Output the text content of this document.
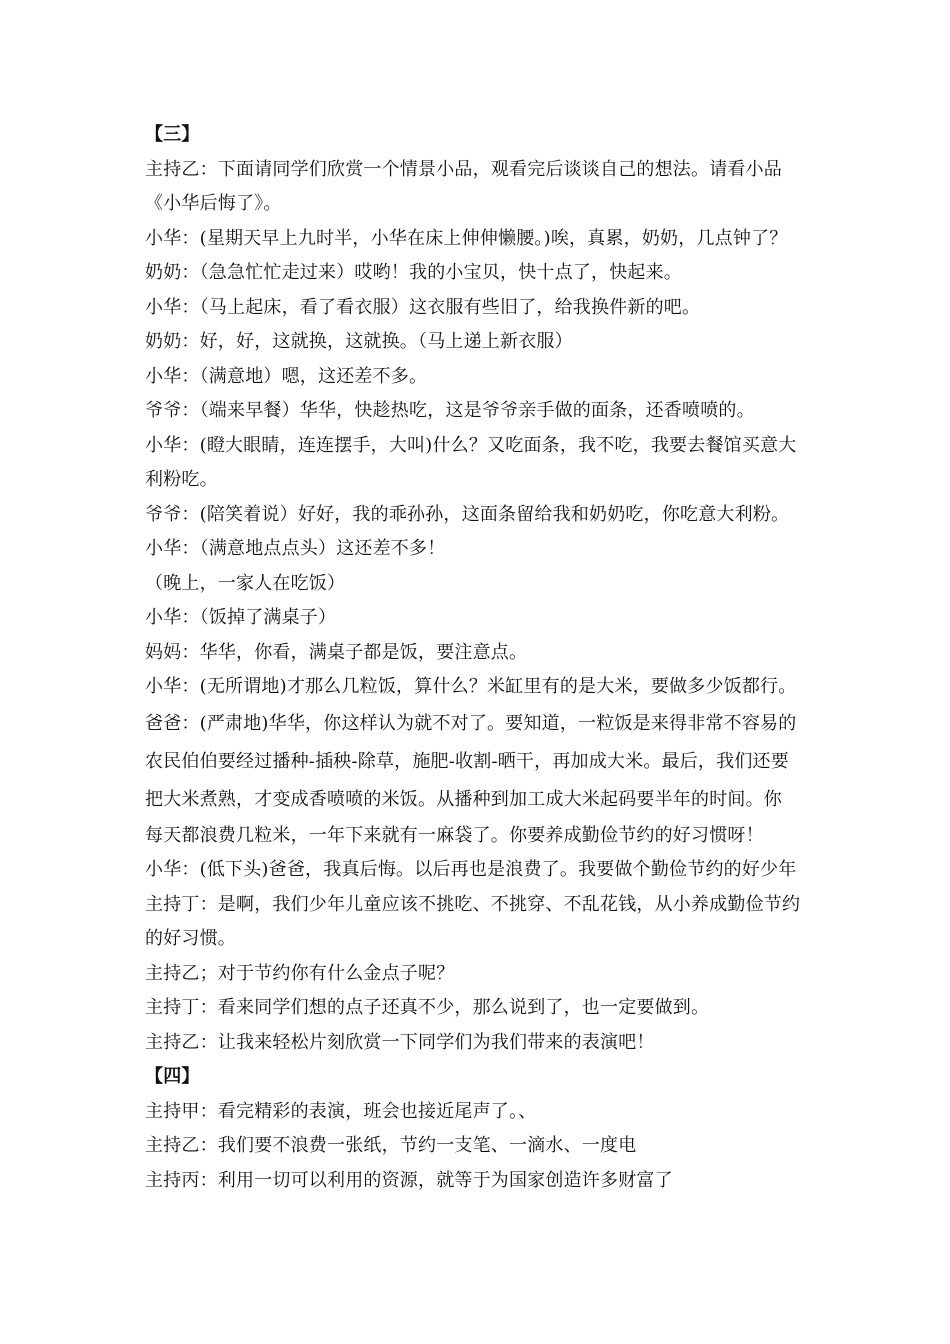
【三】
主持乙：下面请同学们欣赏一个情景小品，观看完后谈谈自己的想法。请看小品
《小华后悔了》。
小华：(星期天早上九时半，小华在床上伸伸懒腰。)唉，真累，奶奶，几点钟了？
奶奶：（急急忙忙走过来）哎哟！我的小宝贝，快十点了，快起来。
小华：（马上起床，看了看衣服）这衣服有些旧了，给我换件新的吧。
奶奶：好，好，这就换，这就换。（马上递上新衣服）
小华：（满意地）嗯，这还差不多。
爷爷：（端来早餐）华华，快趁热吃，这是爷爷亲手做的面条，还香喷喷的。
小华：(瞪大眼睛，连连摆手，大叫)什么？又吃面条，我不吃，我要去餐馆买意大
利粉吃。
爷爷：(陪笑着说）好好，我的乖孙孙，这面条留给我和奶奶吃，你吃意大利粉。
小华：（满意地点点头）这还差不多！
（晚上，一家人在吃饭）
小华：（饭掉了满桌子）
妈妈：华华，你看，满桌子都是饭，要注意点。
小华：(无所谓地)才那么几粒饭，算什么？米缸里有的是大米，要做多少饭都行。
爸爸：(严肃地)华华，你这样认为就不对了。要知道，一粒饭是来得非常不容易的
农民伯伯要经过播种-插秧-除草，施肥-收割-晒干，再加成大米。最后，我们还要
把大米煮熟，才变成香喷喷的米饭。从播种到加工成大米起码要半年的时间。你
每天都浪费几粒米，一年下来就有一麻袋了。你要养成勤俭节约的好习惯呀！
小华：(低下头)爸爸，我真后悔。以后再也是浪费了。我要做个勤俭节约的好少年
主持丁：是啊，我们少年儿童应该不挑吃、不挑穿、不乱花钱，从小养成勤俭节约
的好习惯。
主持乙；对于节约你有什么金点子呢？
主持丁：看来同学们想的点子还真不少，那么说到了，也一定要做到。
主持乙：让我来轻松片刻欣赏一下同学们为我们带来的表演吧！
【四】
主持甲：看完精彩的表演，班会也接近尾声了。、
主持乙：我们要不浪费一张纸，节约一支笔、一滴水、一度电
主持丙：利用一切可以利用的资源，就等于为国家创造许多财富了
